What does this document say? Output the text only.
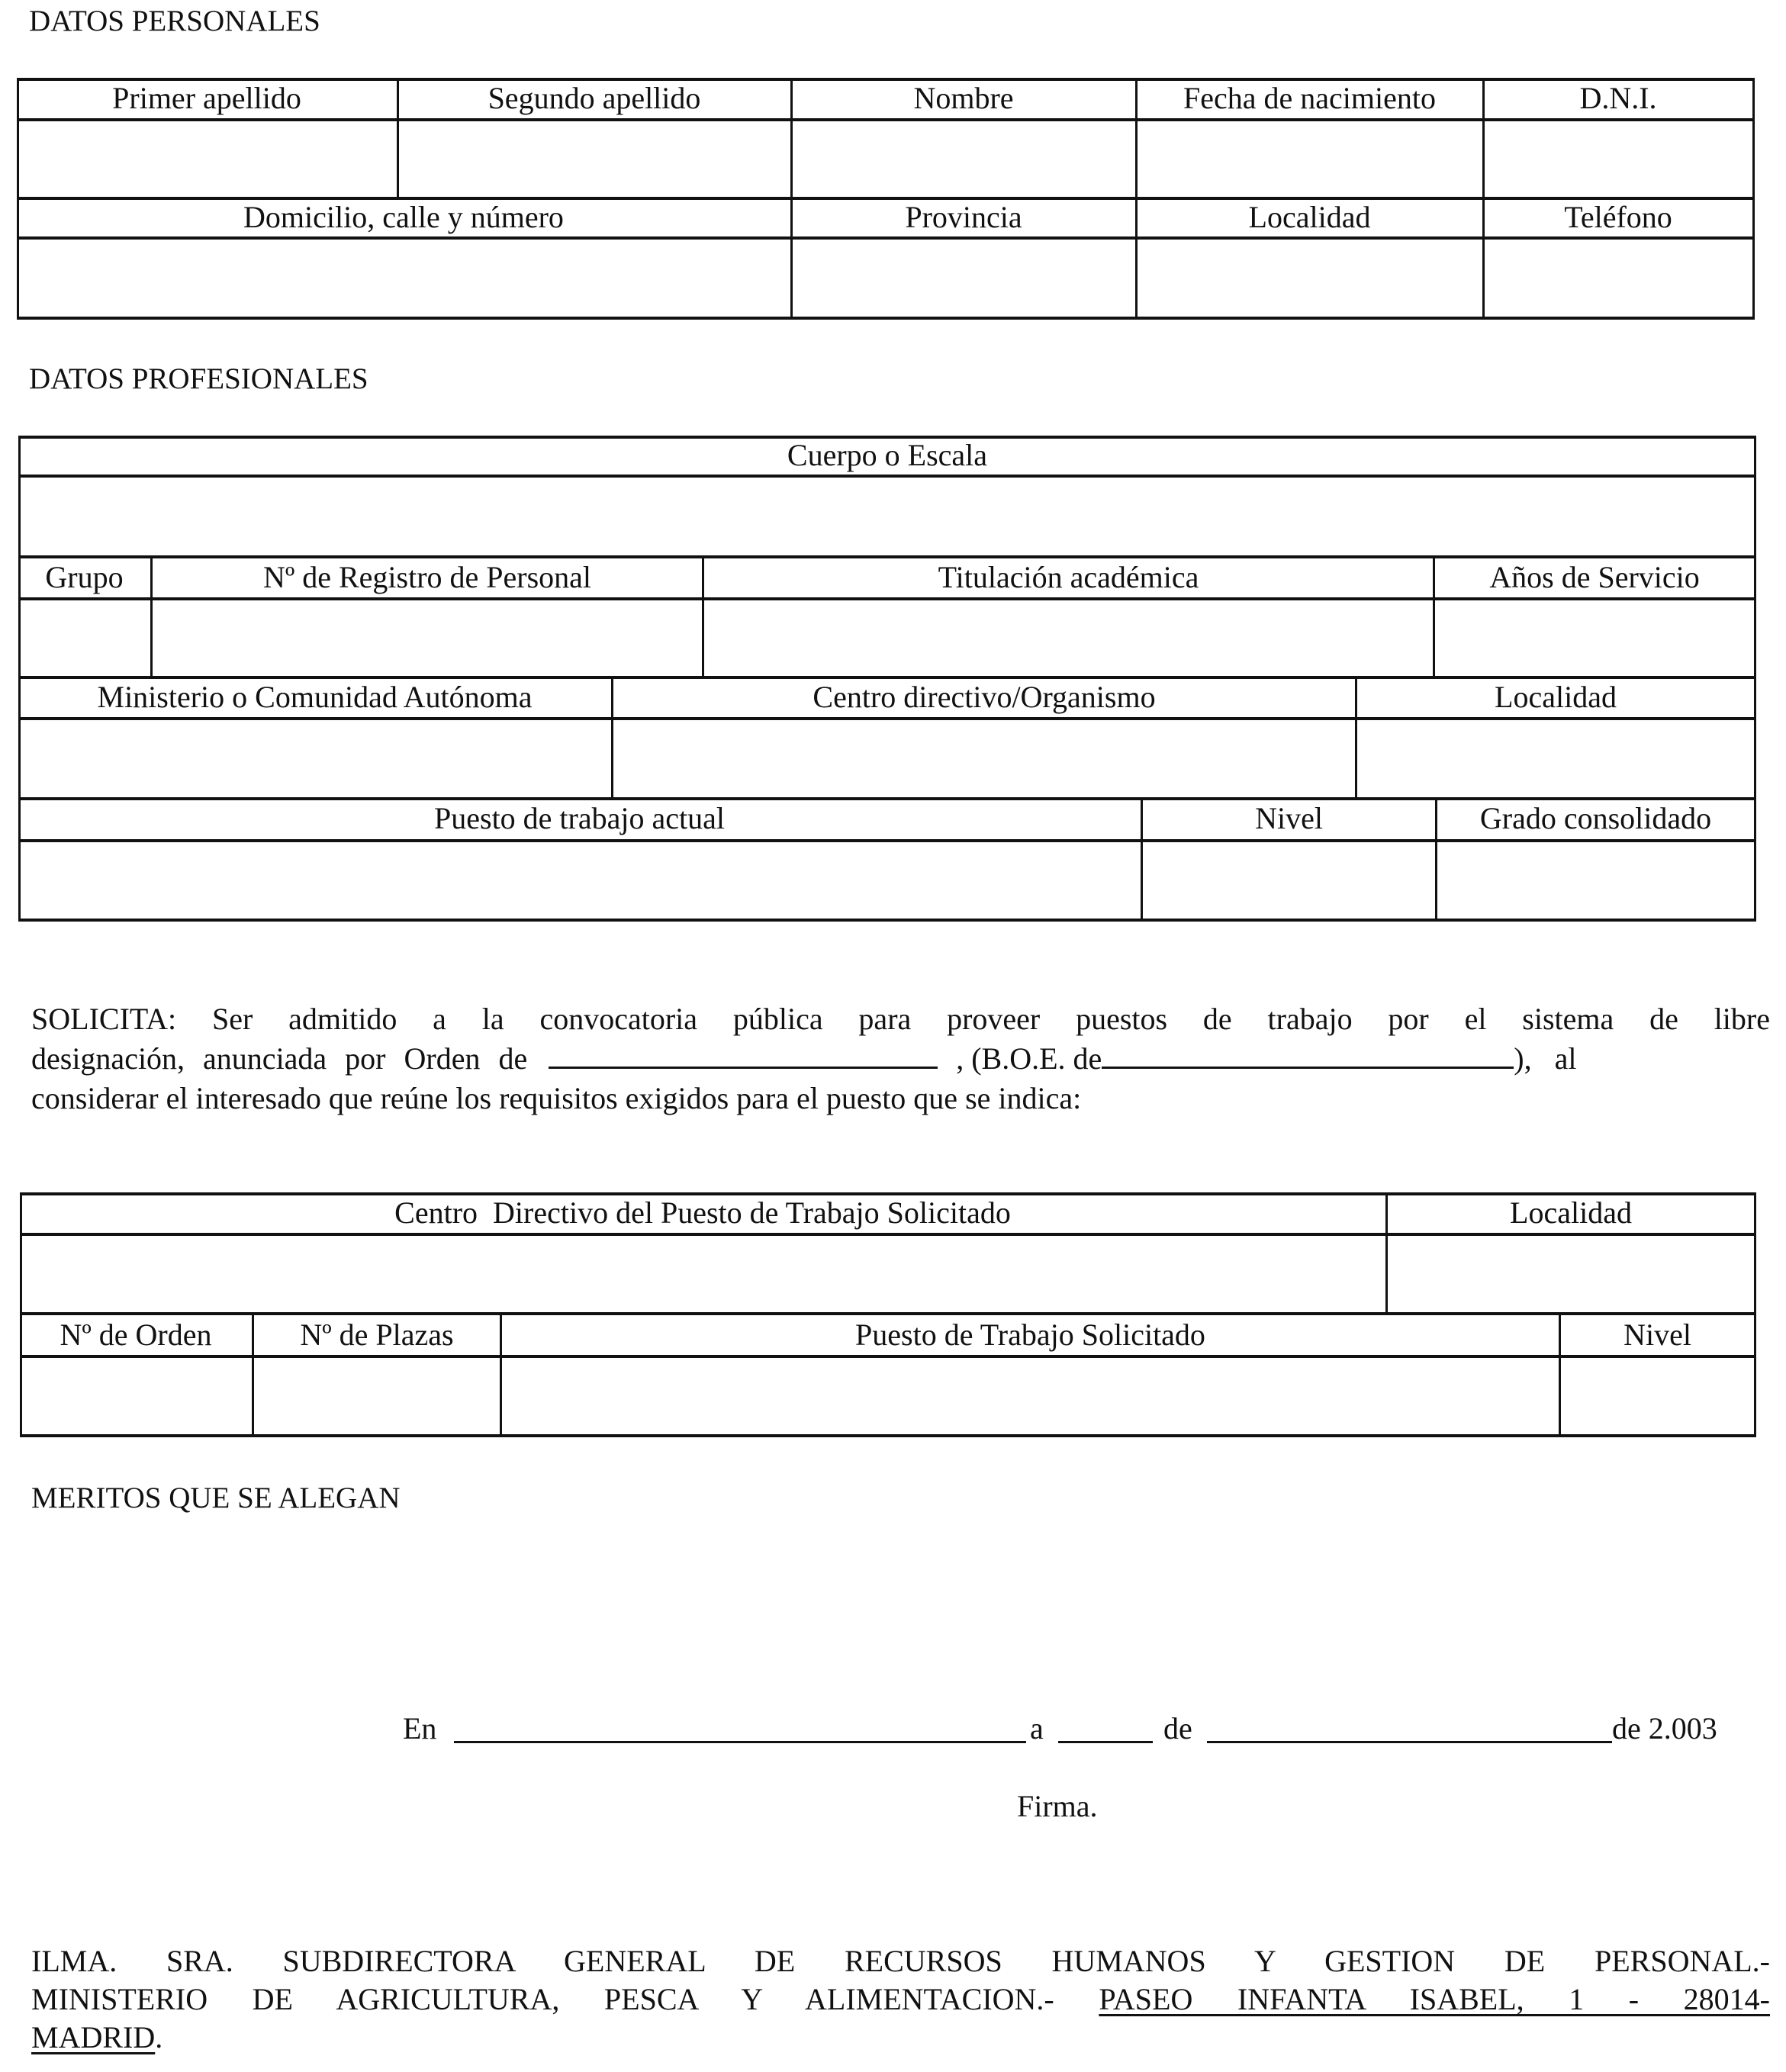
DATOS PERSONALES
Primer apellido	Segundo apellido	Nombre	Fecha de nacimiento	D.N.I.
Domicilio, calle y número	Provincia	Localidad	Teléfono
DATOS PROFESIONALES
Cuerpo o Escala
Grupo	Nº de Registro de Personal	Titulación académica	Años de Servicio
Ministerio o Comunidad Autónoma	Centro directivo/Organismo	Localidad
Puesto de trabajo actual	Nivel	Grado consolidado
SOLICITA: Ser admitido a la convocatoria pública para proveer puestos de trabajo por el sistema de libre
designación, anunciada por Orden de	, (B.O.E. de	), al
considerar el interesado que reúne los requisitos exigidos para el puesto que se indica:
Centro  Directivo del Puesto de Trabajo Solicitado	Localidad
Nº de Orden	Nº de Plazas	Puesto de Trabajo Solicitado	Nivel
MERITOS QUE SE ALEGAN
En	a	de	de 2.003
Firma.
ILMA. SRA. SUBDIRECTORA GENERAL DE RECURSOS HUMANOS Y GESTION DE PERSONAL.-
MINISTERIO DE AGRICULTURA, PESCA Y ALIMENTACION.- PASEO INFANTA ISABEL, 1 - 28014-
MADRID.
